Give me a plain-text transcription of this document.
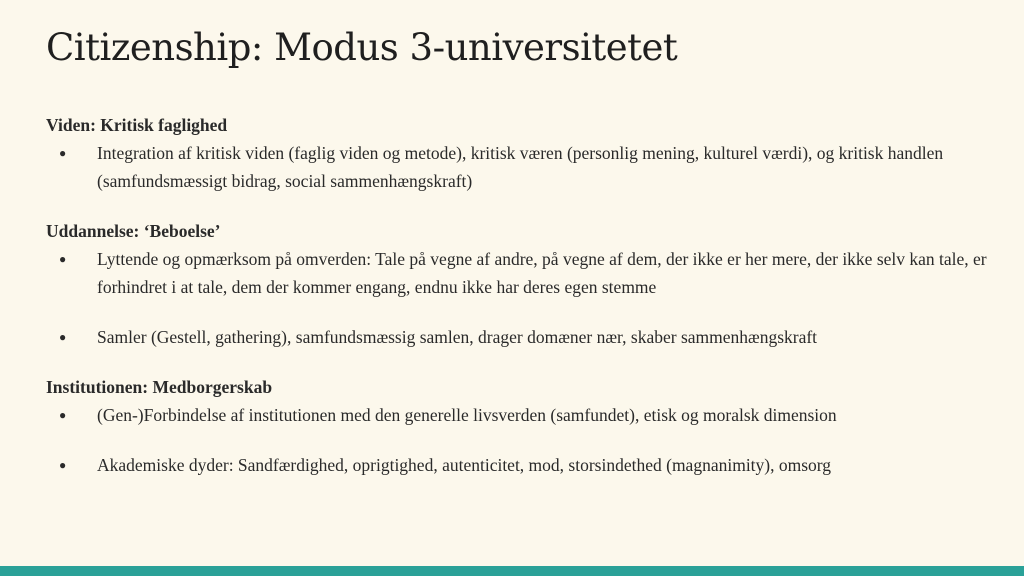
Citizenship: Modus 3-universitetet

Viden: Kritisk faglighed

● Integration af kritisk viden (faglig viden og metode), kritisk væren (personlig mening, kulturel værdi), og kritisk handlen (samfundsmæssigt bidrag, social sammenhængskraft)

Uddannelse: ‘Beboelse’

● Lyttende og opmærksom på omverden: Tale på vegne af andre, på vegne af dem, der ikke er her mere, der ikke selv kan tale, er forhindret i at tale, dem der kommer engang, endnu ikke har deres egen stemme
● Samler (Gestell, gathering), samfundsmæssig samlen, drager domæner nær, skaber sammenhængskraft

Institutionen: Medborgerskab

● (Gen-)Forbindelse af institutionen med den generelle livsverden (samfundet), etisk og moralsk dimension
● Akademiske dyder: Sandfærdighed, oprigtighed, autenticitet, mod, storsindethed (magnanimity), omsorg
